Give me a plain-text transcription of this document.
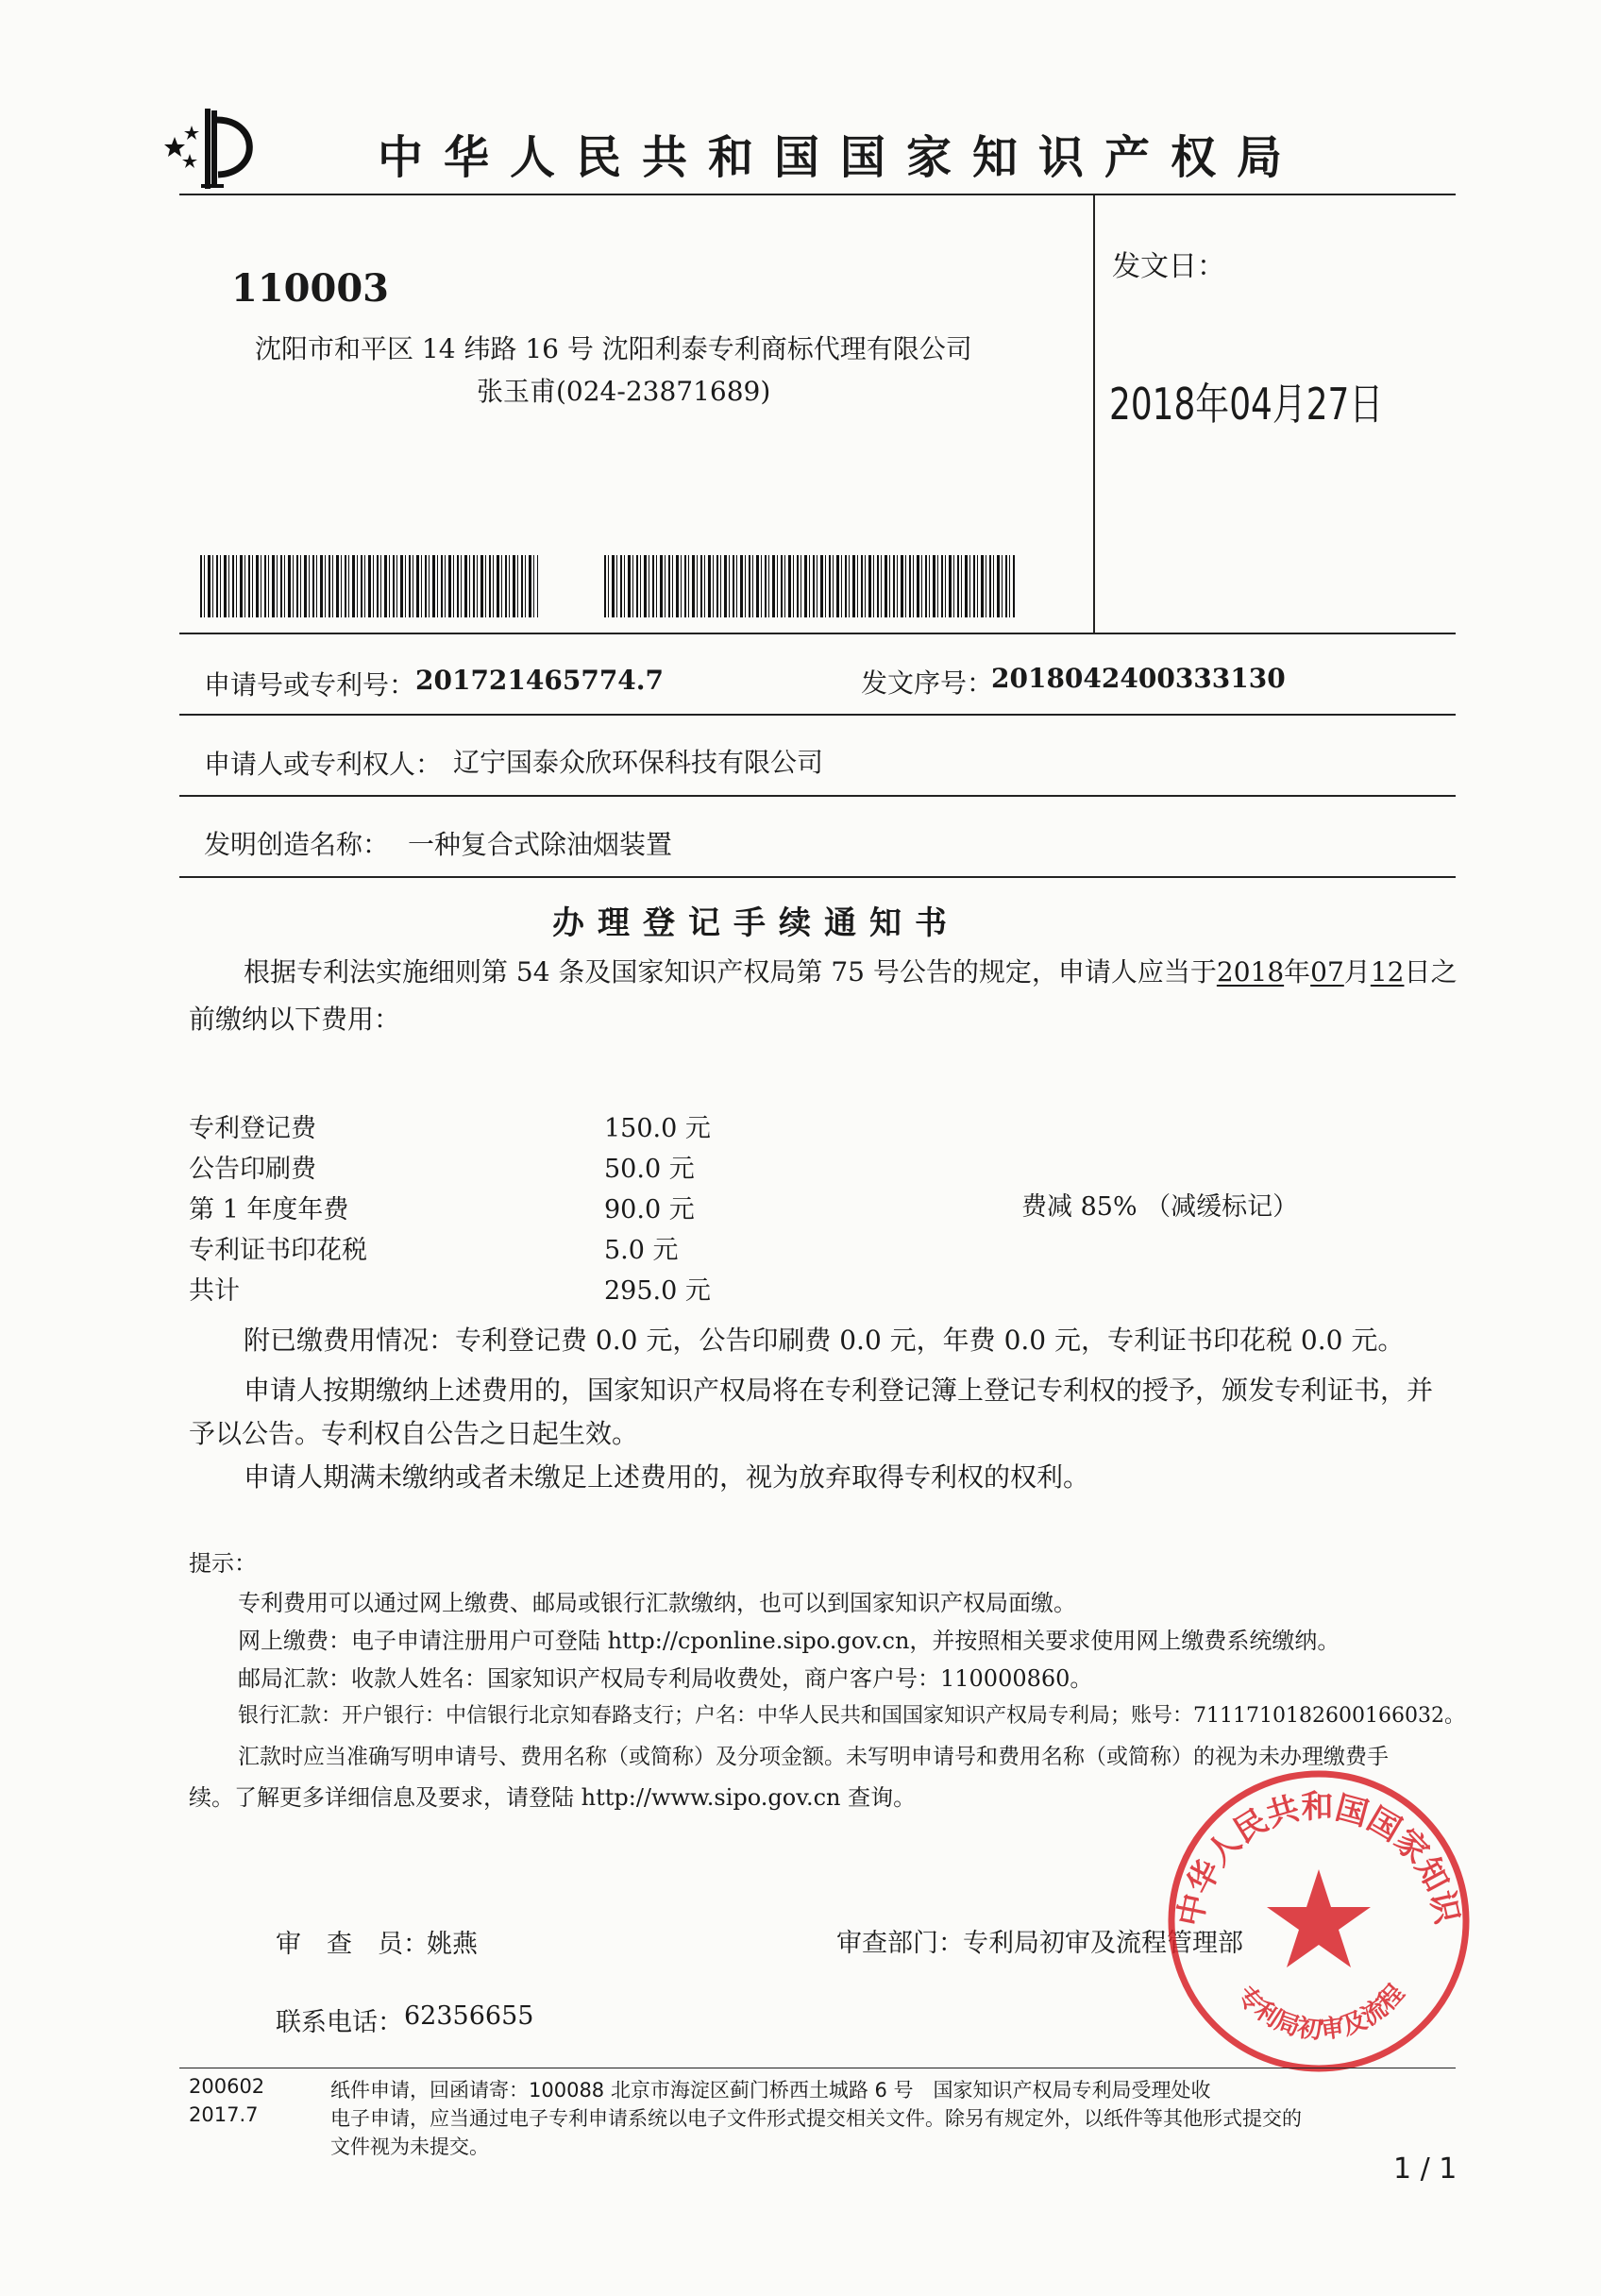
中华人民共和国国家知识产权局
110003
沈阳市和平区 14 纬路 16 号 沈阳利泰专利商标代理有限公司
张玉甫(024-23871689)
发文日：
2018年04月27日
申请号或专利号： 201721465774.7	发文序号：
2018042400333130
申请人或专利权人： 辽宁国泰众欣环保科技有限公司
发明创造名称： 一种复合式除油烟装置
办理登记手续通知书
根据专利法实施细则第 54 条及国家知识产权局第 75 号公告的规定，申请人应当于2018年07月12日之
前缴纳以下费用：
专利登记费	150.0 元
公告印刷费	50.0 元
第 1 年度年费	90.0 元
专利证书印花税	5.0 元
共计	295.0 元
费减 85% （减缓标记）
附已缴费用情况：专利登记费 0.0 元，公告印刷费 0.0 元，年费 0.0 元，专利证书印花税 0.0 元。
申请人按期缴纳上述费用的，国家知识产权局将在专利登记簿上登记专利权的授予，颁发专利证书，并
予以公告。专利权自公告之日起生效。
申请人期满未缴纳或者未缴足上述费用的，视为放弃取得专利权的权利。
提示：
专利费用可以通过网上缴费、邮局或银行汇款缴纳，也可以到国家知识产权局面缴。
网上缴费：电子申请注册用户可登陆 http://cponline.sipo.gov.cn，并按照相关要求使用网上缴费系统缴纳。
邮局汇款：收款人姓名：国家知识产权局专利局收费处，商户客户号：110000860。
银行汇款：开户银行：中信银行北京知春路支行；户名：中华人民共和国国家知识产权局专利局；账号：7111710182600166032。
汇款时应当准确写明申请号、费用名称（或简称）及分项金额。未写明申请号和费用名称（或简称）的视为未办理缴费手
续。了解更多详细信息及要求，请登陆 http://www.sipo.gov.cn 查询。
审　查　员：
姚燕	审查部门： 专利局初审及流程管理部
联系电话： 62356655
中华人民共和国国家知识
专利局初审及流程
200602
2017.7
纸件申请，回函请寄：100088 北京市海淀区蓟门桥西土城路 6 号　国家知识产权局专利局受理处收
电子申请，应当通过电子专利申请系统以电子文件形式提交相关文件。除另有规定外，以纸件等其他形式提交的
文件视为未提交。
1 / 1
